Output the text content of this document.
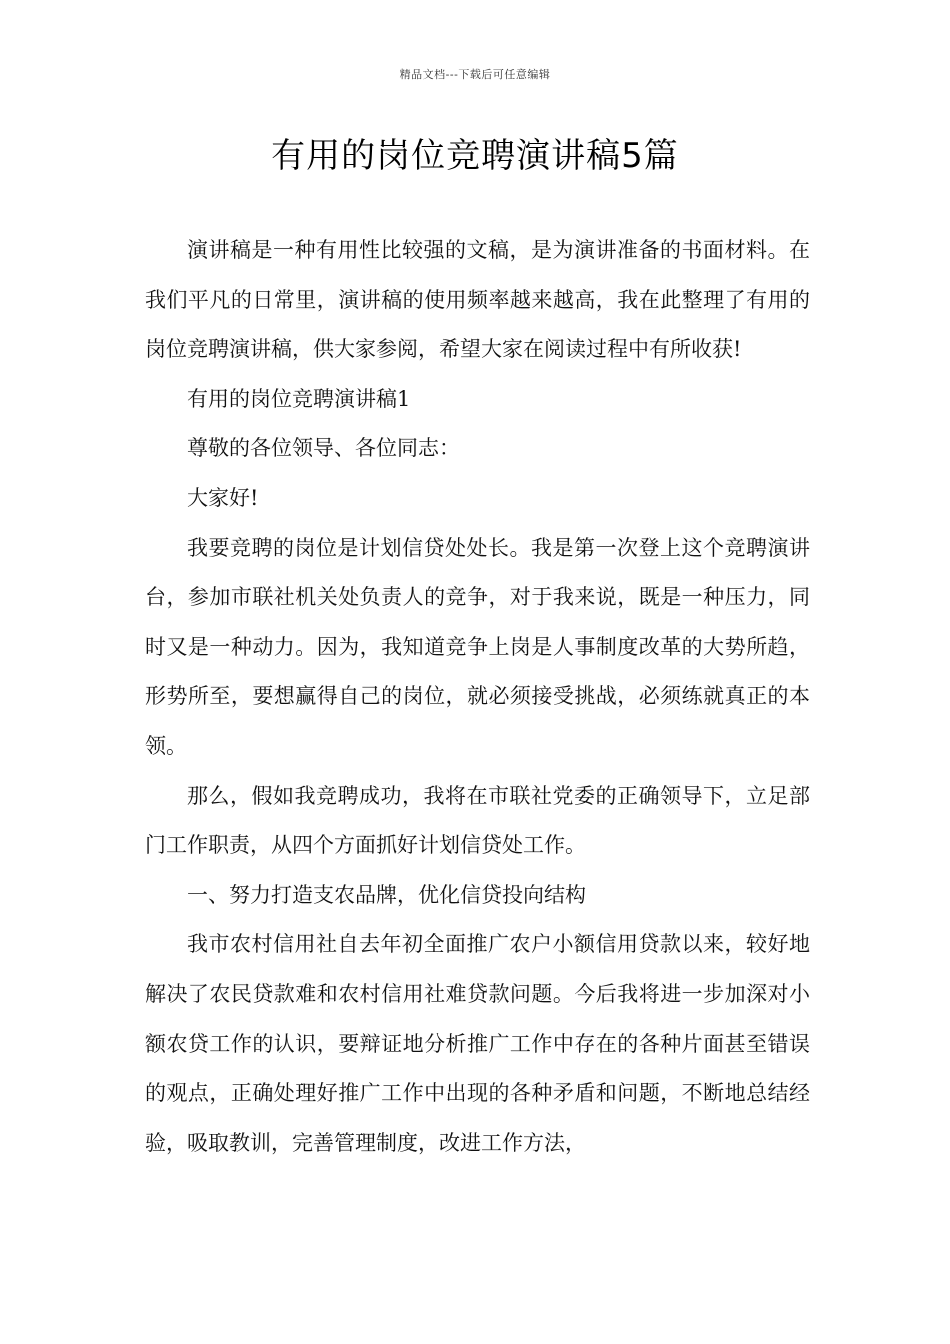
精品文档---下载后可任意编辑
有用的岗位竞聘演讲稿5篇

演讲稿是一种有用性比较强的文稿，是为演讲准备的书面材料。在我们平凡的日常里，演讲稿的使用频率越来越高，我在此整理了有用的岗位竞聘演讲稿，供大家参阅，希望大家在阅读过程中有所收获!

有用的岗位竞聘演讲稿1

尊敬的各位领导、各位同志：

大家好!

我要竞聘的岗位是计划信贷处处长。我是第一次登上这个竞聘演讲台，参加市联社机关处负责人的竞争，对于我来说，既是一种压力，同时又是一种动力。因为，我知道竞争上岗是人事制度改革的大势所趋，形势所至，要想赢得自己的岗位，就必须接受挑战，必须练就真正的本领。

那么，假如我竞聘成功，我将在市联社党委的正确领导下，立足部门工作职责，从四个方面抓好计划信贷处工作。

一、努力打造支农品牌，优化信贷投向结构

我市农村信用社自去年初全面推广农户小额信用贷款以来，较好地解决了农民贷款难和农村信用社难贷款问题。今后我将进一步加深对小额农贷工作的认识，要辩证地分析推广工作中存在的各种片面甚至错误的观点，正确处理好推广工作中出现的各种矛盾和问题，不断地总结经验，吸取教训，完善管理制度，改进工作方法，
